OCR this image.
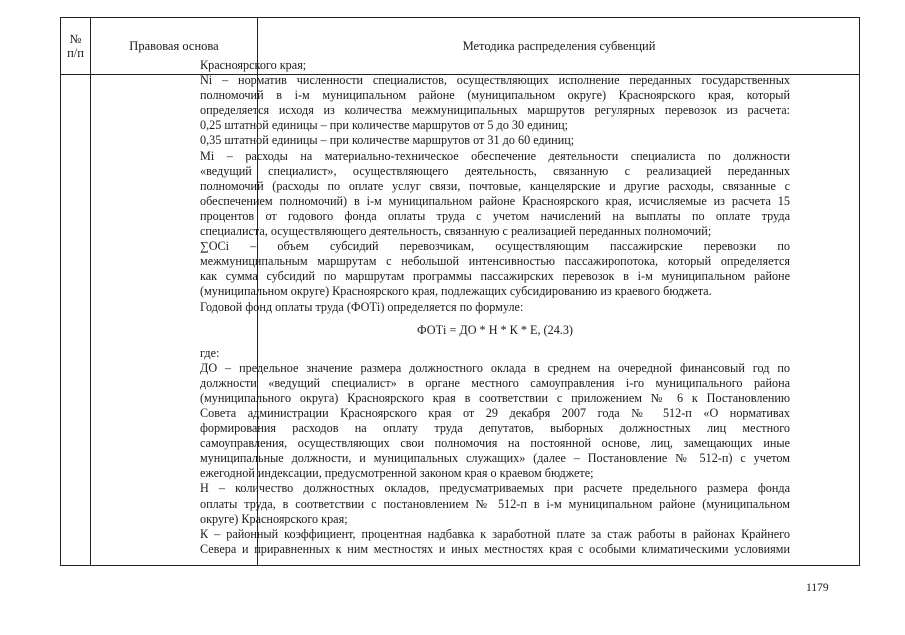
№
п/п	Правовая основа	Методика распределения субвенций
Красноярского края;
Ni – норматив численности специалистов, осуществляющих исполнение переданных государственных
полномочий в i-м муниципальном районе (муниципальном округе) Красноярского края, который
определяется исходя из количества межмуниципальных маршрутов регулярных перевозок из расчета:
0,25 штатной единицы – при количестве маршрутов от 5 до 30 единиц;
0,35 штатной единицы – при количестве маршрутов от 31 до 60 единиц;
Mi – расходы на материально-техническое обеспечение деятельности специалиста по должности
«ведущий специалист», осуществляющего деятельность, связанную с реализацией переданных
полномочий (расходы по оплате услуг связи, почтовые, канцелярские и другие расходы, связанные с
обеспечением полномочий) в i-м муниципальном районе Красноярского края, исчисляемые из расчета 15
процентов от годового фонда оплаты труда с учетом начислений на выплаты по оплате труда
специалиста, осуществляющего деятельность, связанную с реализацией переданных полномочий;
∑OCi – объем субсидий перевозчикам, осуществляющим пассажирские перевозки по
межмуниципальным маршрутам с небольшой интенсивностью пассажиропотока, который определяется
как сумма субсидий по маршрутам программы пассажирских перевозок в i-м муниципальном районе
(муниципальном округе) Красноярского края, подлежащих субсидированию из краевого бюджета.
Годовой фонд оплаты труда (ФОТi) определяется по формуле:
ФОТi = ДО * Н * К * Е, (24.3)
где:
ДО – предельное значение размера должностного оклада в среднем на очередной финансовый год по
должности «ведущий специалист» в органе местного самоуправления i-го муниципального района
(муниципального округа) Красноярского края в соответствии с приложением № 6 к Постановлению
Совета администрации Красноярского края от 29 декабря 2007 года № 512-п «О нормативах
формирования расходов на оплату труда депутатов, выборных должностных лиц местного
самоуправления, осуществляющих свои полномочия на постоянной основе, лиц, замещающих иные
муниципальные должности, и муниципальных служащих» (далее – Постановление № 512-п) с учетом
ежегодной индексации, предусмотренной законом края о краевом бюджете;
Н – количество должностных окладов, предусматриваемых при расчете предельного размера фонда
оплаты труда, в соответствии с постановлением № 512-п в i-м муниципальном районе (муниципальном
округе) Красноярского края;
К – районный коэффициент, процентная надбавка к заработной плате за стаж работы в районах Крайнего
Севера и приравненных к ним местностях и иных местностях края с особыми климатическими условиями
1179
